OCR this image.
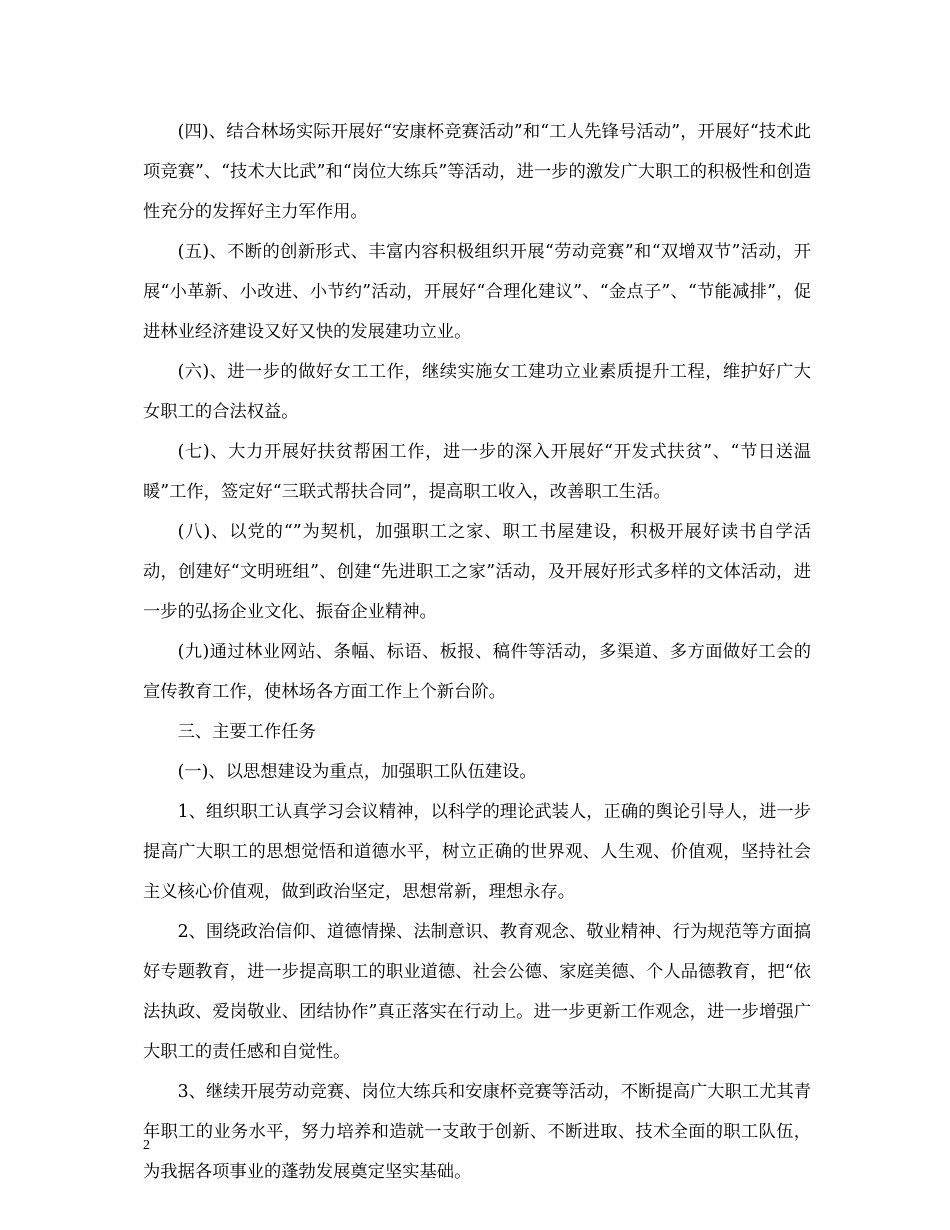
(四)、结合林场实际开展好“安康杯竞赛活动”和“工人先锋号活动”，开展好“技术此项竞赛”、“技术大比武”和“岗位大练兵”等活动，进一步的激发广大职工的积极性和创造性充分的发挥好主力军作用。

(五)、不断的创新形式、丰富内容积极组织开展“劳动竞赛”和“双增双节”活动，开展“小革新、小改进、小节约”活动，开展好“合理化建议”、“金点子”、“节能减排”，促进林业经济建设又好又快的发展建功立业。

(六)、进一步的做好女工工作，继续实施女工建功立业素质提升工程，维护好广大女职工的合法权益。

(七)、大力开展好扶贫帮困工作，进一步的深入开展好“开发式扶贫”、“节日送温暖”工作，签定好“三联式帮扶合同”，提高职工收入，改善职工生活。

(八)、以党的“”为契机，加强职工之家、职工书屋建设，积极开展好读书自学活动，创建好“文明班组”、创建“先进职工之家”活动，及开展好形式多样的文体活动，进一步的弘扬企业文化、振奋企业精神。

(九)通过林业网站、条幅、标语、板报、稿件等活动，多渠道、多方面做好工会的宣传教育工作，使林场各方面工作上个新台阶。

三、主要工作任务

(一)、以思想建设为重点，加强职工队伍建设。

1、组织职工认真学习会议精神，以科学的理论武装人，正确的舆论引导人，进一步提高广大职工的思想觉悟和道德水平，树立正确的世界观、人生观、价值观，坚持社会主义核心价值观，做到政治坚定，思想常新，理想永存。

2、围绕政治信仰、道德情操、法制意识、教育观念、敬业精神、行为规范等方面搞好专题教育，进一步提高职工的职业道德、社会公德、家庭美德、个人品德教育，把“依法执政、爱岗敬业、团结协作”真正落实在行动上。进一步更新工作观念，进一步增强广大职工的责任感和自觉性。

3、继续开展劳动竞赛、岗位大练兵和安康杯竞赛等活动，不断提高广大职工尤其青年职工的业务水平，努力培养和造就一支敢于创新、不断进取、技术全面的职工队伍，为我据各项事业的蓬勃发展奠定坚实基础。

2
